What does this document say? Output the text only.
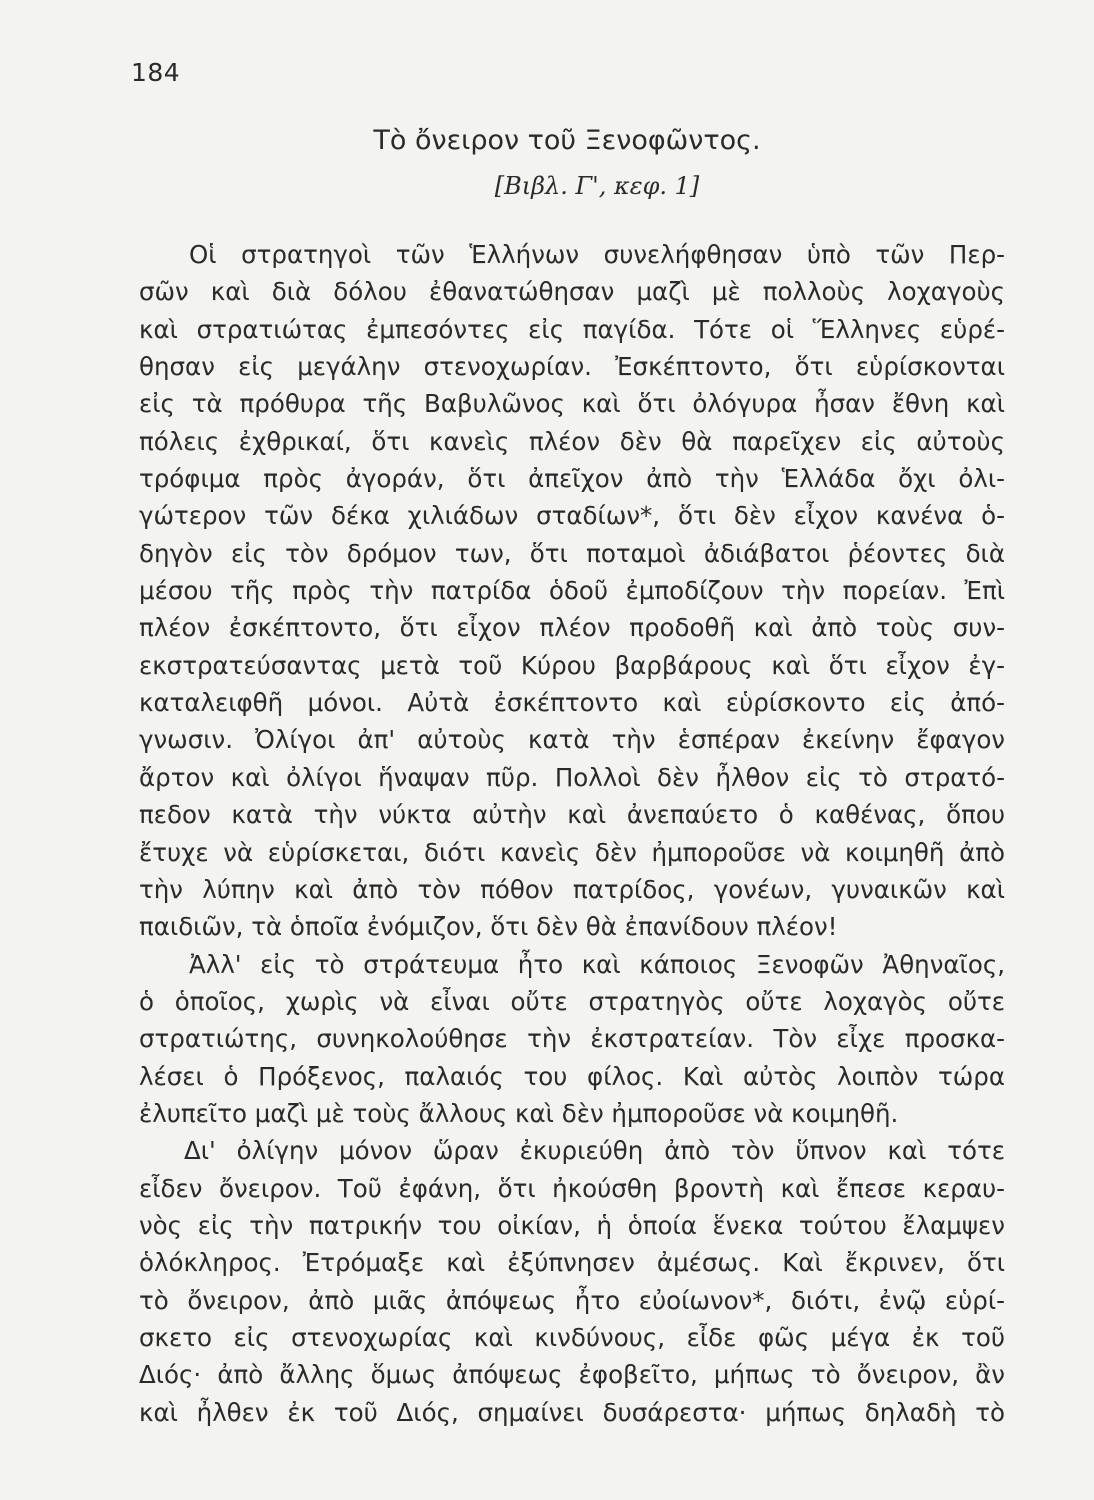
184
Τὸ ὄνειρον τοῦ Ξενοφῶντος.
[Βιβλ. Γ', κεφ. 1]
Οἱ στρατηγοὶ τῶν Ἑλλήνων συνελήφθησαν ὑπὸ τῶν Περ-
σῶν καὶ διὰ δόλου ἐθανατώθησαν μαζὶ μὲ πολλοὺς λοχαγοὺς
καὶ στρατιώτας ἐμπεσόντες εἰς παγίδα. Τότε οἱ Ἕλληνες εὑρέ-
θησαν εἰς μεγάλην στενοχωρίαν. Ἐσκέπτοντο, ὅτι εὑρίσκονται
εἰς τὰ πρόθυρα τῆς Βαβυλῶνος καὶ ὅτι ὀλόγυρα ἦσαν ἔθνη καὶ
πόλεις ἐχθρικαί, ὅτι κανεὶς πλέον δὲν θὰ παρεῖχεν εἰς αὐτοὺς
τρόφιμα πρὸς ἀγοράν, ὅτι ἀπεῖχον ἀπὸ τὴν Ἑλλάδα ὄχι ὀλι-
γώτερον τῶν δέκα χιλιάδων σταδίων*, ὅτι δὲν εἶχον κανένα ὁ-
δηγὸν εἰς τὸν δρόμον των, ὅτι ποταμοὶ ἀδιάβατοι ῥέοντες διὰ
μέσου τῆς πρὸς τὴν πατρίδα ὁδοῦ ἐμποδίζουν τὴν πορείαν. Ἐπὶ
πλέον ἐσκέπτοντο, ὅτι εἶχον πλέον προδοθῆ καὶ ἀπὸ τοὺς συν-
εκστρατεύσαντας μετὰ τοῦ Κύρου βαρβάρους καὶ ὅτι εἶχον ἐγ-
καταλειφθῆ μόνοι. Αὐτὰ ἐσκέπτοντο καὶ εὑρίσκοντο εἰς ἀπό-
γνωσιν. Ὀλίγοι ἀπ' αὐτοὺς κατὰ τὴν ἑσπέραν ἐκείνην ἔφαγον
ἄρτον καὶ ὀλίγοι ἥναψαν πῦρ. Πολλοὶ δὲν ἦλθον εἰς τὸ στρατό-
πεδον κατὰ τὴν νύκτα αὐτὴν καὶ ἀνεπαύετο ὁ καθένας, ὅπου
ἔτυχε νὰ εὑρίσκεται, διότι κανεὶς δὲν ἠμποροῦσε νὰ κοιμηθῆ ἀπὸ
τὴν λύπην καὶ ἀπὸ τὸν πόθον πατρίδος, γονέων, γυναικῶν καὶ
παιδιῶν, τὰ ὁποῖα ἐνόμιζον, ὅτι δὲν θὰ ἐπανίδουν πλέον!
Ἀλλ' εἰς τὸ στράτευμα ἦτο καὶ κάποιος Ξενοφῶν Ἀθηναῖος,
ὁ ὁποῖος, χωρὶς νὰ εἶναι οὔτε στρατηγὸς οὔτε λοχαγὸς οὔτε
στρατιώτης, συνηκολούθησε τὴν ἐκστρατείαν. Τὸν εἶχε προσκα-
λέσει ὁ Πρόξενος, παλαιός του φίλος. Καὶ αὐτὸς λοιπὸν τώρα
ἐλυπεῖτο μαζὶ μὲ τοὺς ἄλλους καὶ δὲν ἠμποροῦσε νὰ κοιμηθῆ.
Δι' ὀλίγην μόνον ὥραν ἐκυριεύθη ἀπὸ τὸν ὕπνον καὶ τότε
εἶδεν ὄνειρον. Τοῦ ἐφάνη, ὅτι ἠκούσθη βροντὴ καὶ ἔπεσε κεραυ-
νὸς εἰς τὴν πατρικήν του οἰκίαν, ἡ ὁποία ἕνεκα τούτου ἔλαμψεν
ὁλόκληρος. Ἐτρόμαξε καὶ ἐξύπνησεν ἀμέσως. Καὶ ἔκρινεν, ὅτι
τὸ ὄνειρον, ἀπὸ μιᾶς ἀπόψεως ἦτο εὐοίωνον*, διότι, ἐνῷ εὑρί-
σκετο εἰς στενοχωρίας καὶ κινδύνους, εἶδε φῶς μέγα ἐκ τοῦ
Διός· ἀπὸ ἄλλης ὅμως ἀπόψεως ἐφοβεῖτο, μήπως τὸ ὄνειρον, ἂν
καὶ ἦλθεν ἐκ τοῦ Διός, σημαίνει δυσάρεστα· μήπως δηλαδὴ τὸ
